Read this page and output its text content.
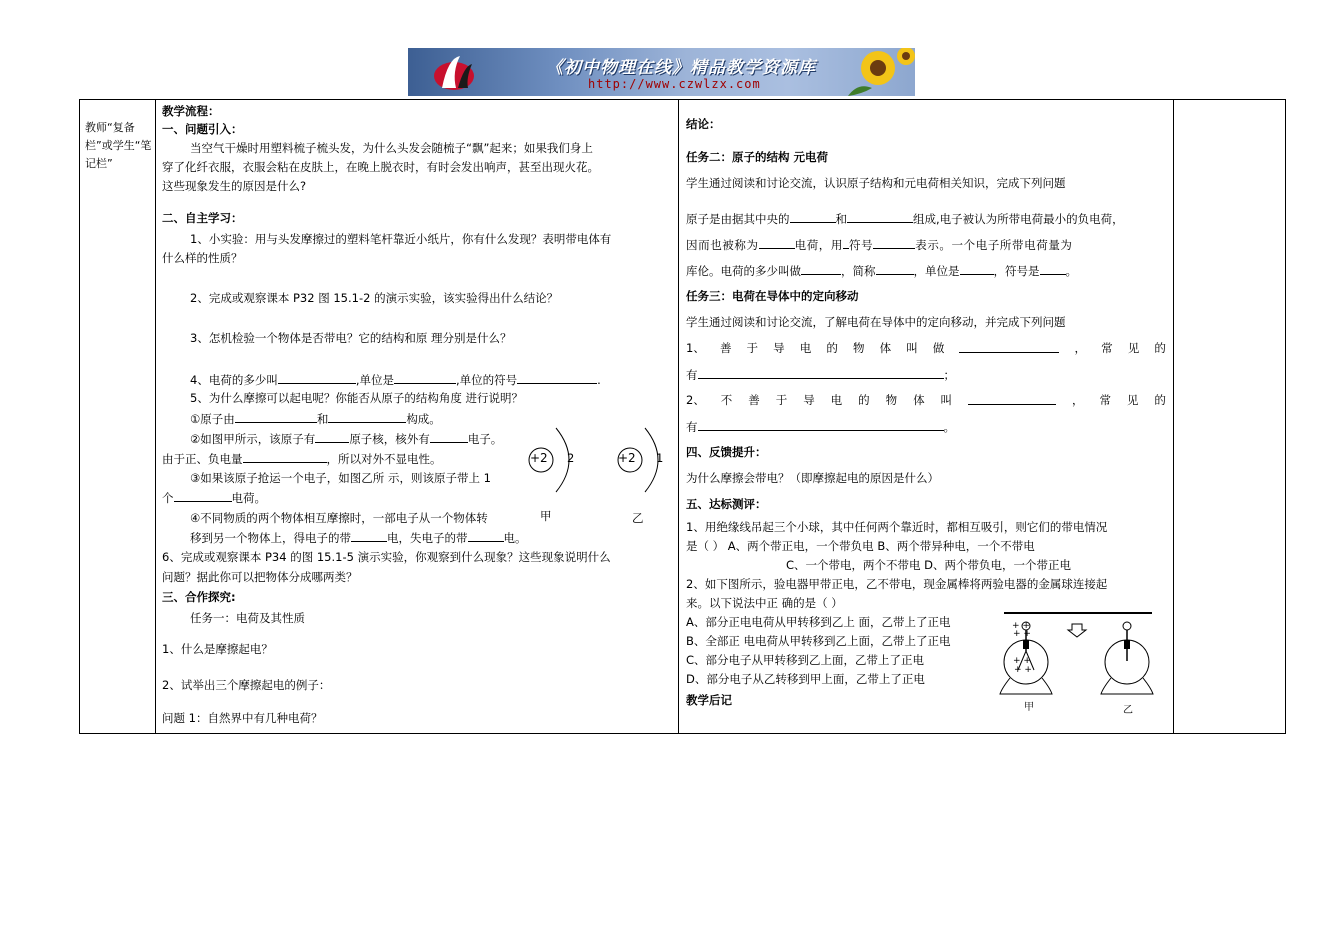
《初中物理在线》精品教学资源库
http://www.czwlzx.com
教师“复备栏”或学生“笔记栏”
教学流程：
一、问题引入：
当空气干燥时用塑料梳子梳头发，为什么头发会随梳子“飘”起来；如果我们身上
穿了化纤衣服，衣服会粘在皮肤上，在晚上脱衣时，有时会发出响声，甚至出现火花。
这些现象发生的原因是什么?
二、自主学习：
1、小实验：用与头发摩擦过的塑料笔杆靠近小纸片，你有什么发现？表明带电体有
什么样的性质？
2、完成或观察课本 P32 图 15.1-2 的演示实验，该实验得出什么结论？
3、怎机检验一个物体是否带电？它的结构和原 理分别是什么？
4、电荷的多少叫	,单位是	,单位的符号	.
5、为什么摩擦可以起电呢？你能否从原子的结构角度 进行说明？
①原子由	和	构成。
②如图甲所示，该原子有	原子核，核外有	电子。
由于正、负电量	，所以对外不显电性。
③如果该原子抢运一个电子，如图乙所 示，则该原子带上 1
个	电荷。
④不同物质的两个物体相互摩擦时，一部电子从一个物体转
移到另一个物体上，得电子的带	电，失电子的带	电。
+2 2	+2 1
甲	乙
6、完成或观察课本 P34 的图 15.1-5 演示实验，你观察到什么现象？这些现象说明什么
问题？据此你可以把物体分成哪两类？
三、合作探究:
任务一：电荷及其性质
1、什么是摩擦起电？
2、试举出三个摩擦起电的例子：
问题 1：自然界中有几种电荷？
结论：
任务二：原子的结构 元电荷
学生通过阅读和讨论交流，认识原子结构和元电荷相关知识，完成下列问题
原子是由据其中央的	和	组成,电子被认为所带电荷最小的负电荷，
因而也被称为	电荷，用 符号	表示。一个电子所带电荷量为
库伦。电荷的多少叫做	，简称	，单位是	，符号是 。
任务三：电荷在导体中的定向移动
学生通过阅读和讨论交流，了解电荷在导体中的定向移动，并完成下列问题
1、 善 于 导 电 的 物 体 叫 做	， 常 见 的
有	；
2、 不 善 于 导 电 的 物 体 叫	， 常 见 的
有	。
四、反馈提升：
为什么摩擦会带电？（即摩擦起电的原因是什么）
五、达标测评：
1、用绝缘线吊起三个小球，其中任何两个靠近时，都相互吸引，则它们的带电情况
是（ ） A、两个带正电，一个带负电 B、两个带异种电，一个不带电
C、一个带电，两个不带电 D、两个带负电，一个带正电
2、如下图所示，验电器甲带正电，乙不带电，现金属棒将两验电器的金属球连接起
来。以下说法中正 确的是（ ）
A、部分正电电荷从甲转移到乙上 面，乙带上了正电
B、全部正 电电荷从甲转移到乙上面，乙带上了正电
C、部分电子从甲转移到乙上面，乙带上了正电
D、部分电子从乙转移到甲上面，乙带上了正电
教学后记
+ +
+ +
+ +
+ +
甲	乙
